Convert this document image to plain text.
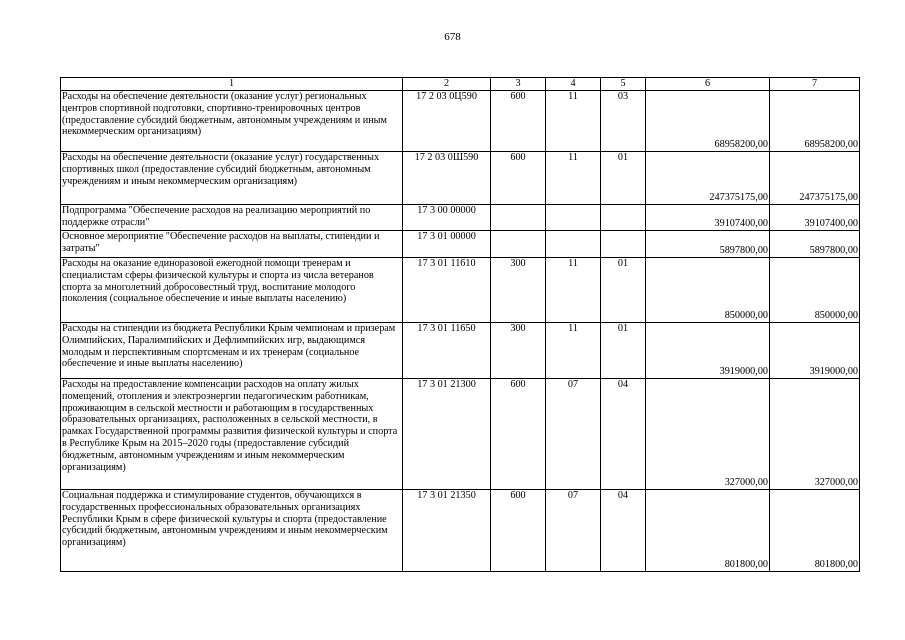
678
1	2	3	4	5	6	7
Расходы на обеспечение деятельности (оказание услуг) региональных центров спортивной подготовки, спортивно-тренировочных центров (предоставление субсидий бюджетным, автономным учреждениям и иным некоммерческим организациям)	17 2 03 0Ц590	600	11	03	68958200,00	68958200,00
Расходы на обеспечение деятельности (оказание услуг) государственных спортивных школ (предоставление субсидий бюджетным, автономным учреждениям и иным некоммерческим организациям)	17 2 03 0Ш590	600	11	01	247375175,00	247375175,00
Подпрограмма "Обеспечение расходов на реализацию мероприятий по поддержке отрасли"	17 3 00 00000				39107400,00	39107400,00
Основное мероприятие "Обеспечение расходов на выплаты, стипендии и затраты"	17 3 01 00000				5897800,00	5897800,00
Расходы на оказание единоразовой ежегодной помощи тренерам и специалистам сферы физической культуры и спорта из числа ветеранов спорта за многолетний добросовестный труд, воспитание молодого поколения (социальное обеспечение и иные выплаты населению)	17 3 01 11610	300	11	01	850000,00	850000,00
Расходы на стипендии из бюджета Республики Крым чемпионам и призерам Олимпийских, Паралимпийских и Дефлимпийских игр, выдающимся молодым и перспективным спортсменам и их тренерам (социальное обеспечение и иные выплаты населению)	17 3 01 11650	300	11	01	3919000,00	3919000,00
Расходы на предоставление компенсации расходов на оплату жилых помещений, отопления и электроэнергии педагогическим работникам, проживающим в сельской местности и работающим в государственных образовательных организациях, расположенных в сельской местности, в рамках Государственной программы развития физической культуры и спорта в Республике Крым на 2015–2020 годы (предоставление субсидий бюджетным, автономным учреждениям и иным некоммерческим организациям)	17 3 01 21300	600	07	04	327000,00	327000,00
Социальная поддержка и стимулирование студентов, обучающихся в государственных профессиональных образовательных организациях Республики Крым в сфере физической культуры и спорта (предоставление субсидий бюджетным, автономным учреждениям и иным некоммерческим организациям)	17 3 01 21350	600	07	04	801800,00	801800,00
